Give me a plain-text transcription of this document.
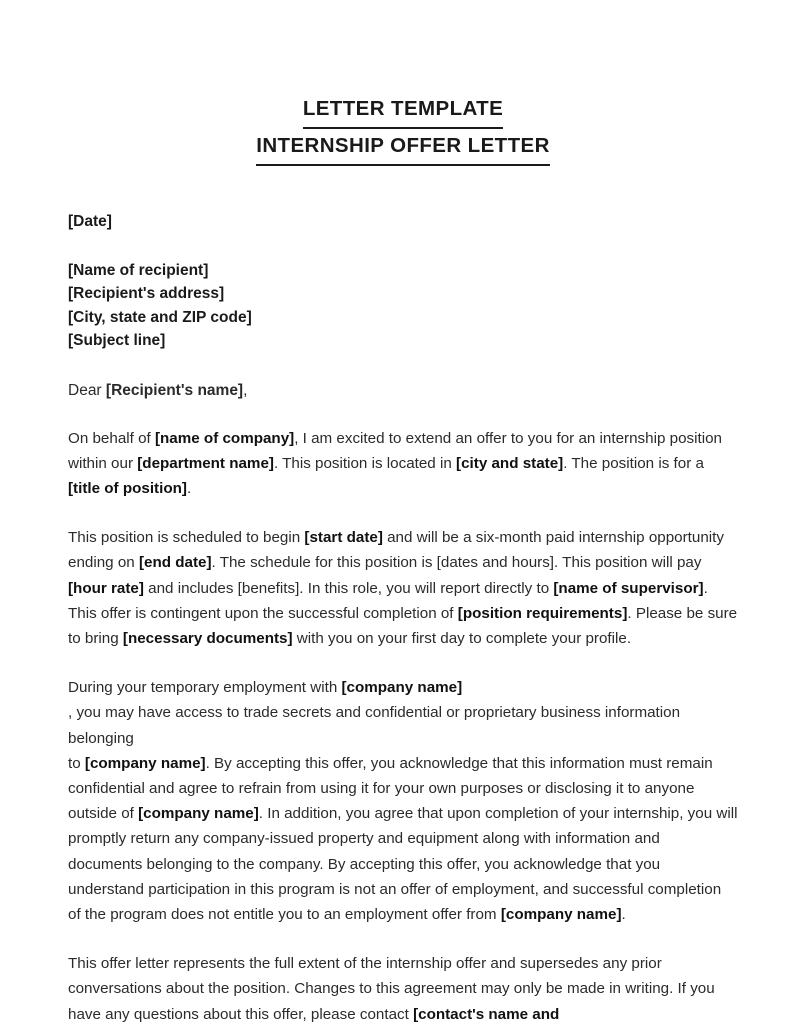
LETTER TEMPLATE
INTERNSHIP OFFER LETTER
[Date]
[Name of recipient]
[Recipient's address]
[City, state and ZIP code]
[Subject line]
Dear [Recipient's name],

On behalf of [name of company], I am excited to extend an offer to you for an internship position within our [department name]. This position is located in [city and state]. The position is for a [title of position].

This position is scheduled to begin [start date] and will be a six-month paid internship opportunity ending on [end date]. The schedule for this position is [dates and hours]. This position will pay [hour rate] and includes [benefits]. In this role, you will report directly to [name of supervisor]. This offer is contingent upon the successful completion of [position requirements]. Please be sure to bring [necessary documents] with you on your first day to complete your profile.

During your temporary employment with [company name]
, you may have access to trade secrets and confidential or proprietary business information belonging
to [company name]. By accepting this offer, you acknowledge that this information must remain confidential and agree to refrain from using it for your own purposes or disclosing it to anyone outside of [company name]. In addition, you agree that upon completion of your internship, you will promptly return any company-issued property and equipment along with information and documents belonging to the company. By accepting this offer, you acknowledge that you understand participation in this program is not an offer of employment, and successful completion of the program does not entitle you to an employment offer from [company name].

This offer letter represents the full extent of the internship offer and supersedes any prior conversations about the position. Changes to this agreement may only be made in writing. If you have any questions about this offer, please contact [contact's name and
